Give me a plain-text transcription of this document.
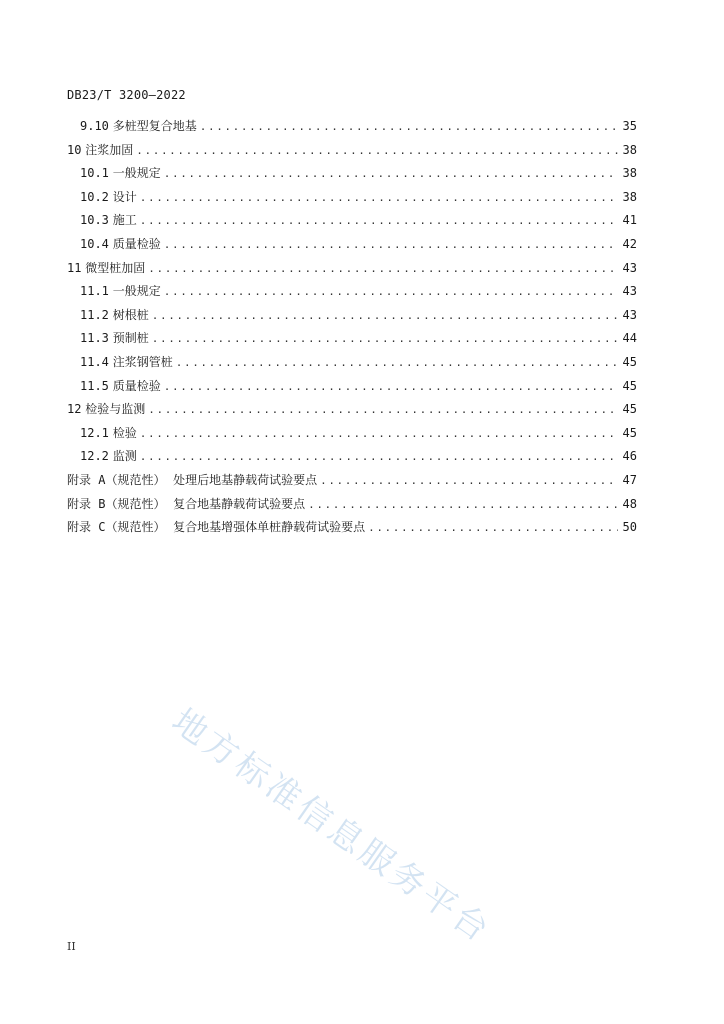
DB23/T 3200—2022
9.10 多桩型复合地基 .....	35
10 注浆加固 .....	38
10.1 一般规定 .....	38
10.2 设计 .....	38
10.3 施工 .....	41
10.4 质量检验 .....	42
11 微型桩加固 .....	43
11.1 一般规定 .....	43
11.2 树根桩 .....	43
11.3 预制桩 .....	44
11.4 注浆钢管桩 .....	45
11.5 质量检验 .....	45
12 检验与监测 .....	45
12.1 检验 .....	45
12.2 监测 .....	46
附录 A（规范性） 处理后地基静载荷试验要点 .....	47
附录 B（规范性） 复合地基静载荷试验要点 .....	48
附录 C（规范性） 复合地基增强体单桩静载荷试验要点 .....	50
地方标准信息服务平台
II
